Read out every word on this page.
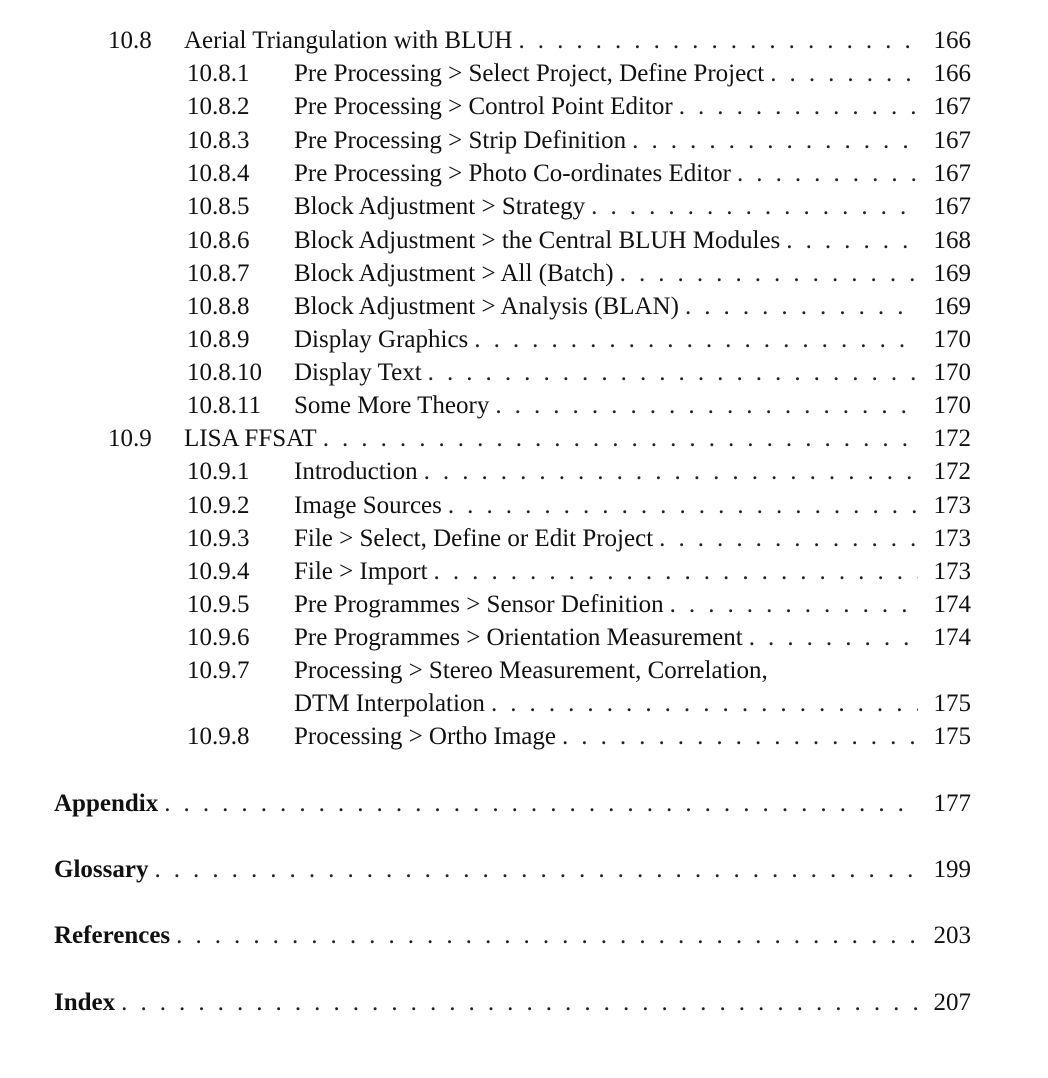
10.8 Aerial Triangulation with BLUH . . .	166
10.8.1 Pre Processing > Select Project, Define Project . . .	166
10.8.2 Pre Processing > Control Point Editor . . .	167
10.8.3 Pre Processing > Strip Definition . . .	167
10.8.4 Pre Processing > Photo Co-ordinates Editor . . .	167
10.8.5 Block Adjustment > Strategy . . .	167
10.8.6 Block Adjustment > the Central BLUH Modules . . .	168
10.8.7 Block Adjustment > All (Batch) . . .	169
10.8.8 Block Adjustment > Analysis (BLAN) . . .	169
10.8.9 Display Graphics . . .	170
10.8.10 Display Text . . .	170
10.8.11 Some More Theory . . .	170
10.9 LISA FFSAT . . .	172
10.9.1 Introduction . . .	172
10.9.2 Image Sources . . .	173
10.9.3 File > Select, Define or Edit Project . . .	173
10.9.4 File > Import . . .	173
10.9.5 Pre Programmes > Sensor Definition . . .	174
10.9.6 Pre Programmes > Orientation Measurement . . .	174
10.9.7 Processing > Stereo Measurement, Correlation,
DTM Interpolation . . .	175
10.9.8 Processing > Ortho Image . . .	175
Appendix . . .	177
Glossary . . .	199
References . . .	203
Index . . .	207
